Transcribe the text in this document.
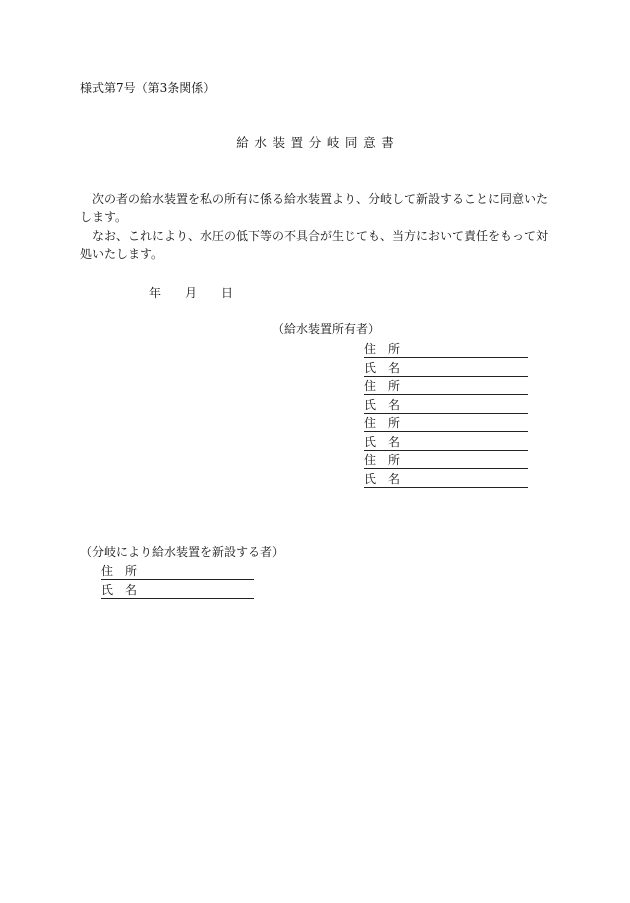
様式第7号（第3条関係）
給水装置分岐同意書

次の者の給水装置を私の所有に係る給水装置より、分岐して新設することに同意いたします。

なお、これにより、水圧の低下等の不具合が生じても、当方において責任をもって対処いたします。

年 月 日
（給水装置所有者）
住　所
氏　名
住　所
氏　名
住　所
氏　名
住　所
氏　名
（分岐により給水装置を新設する者）
住　所
氏　名
